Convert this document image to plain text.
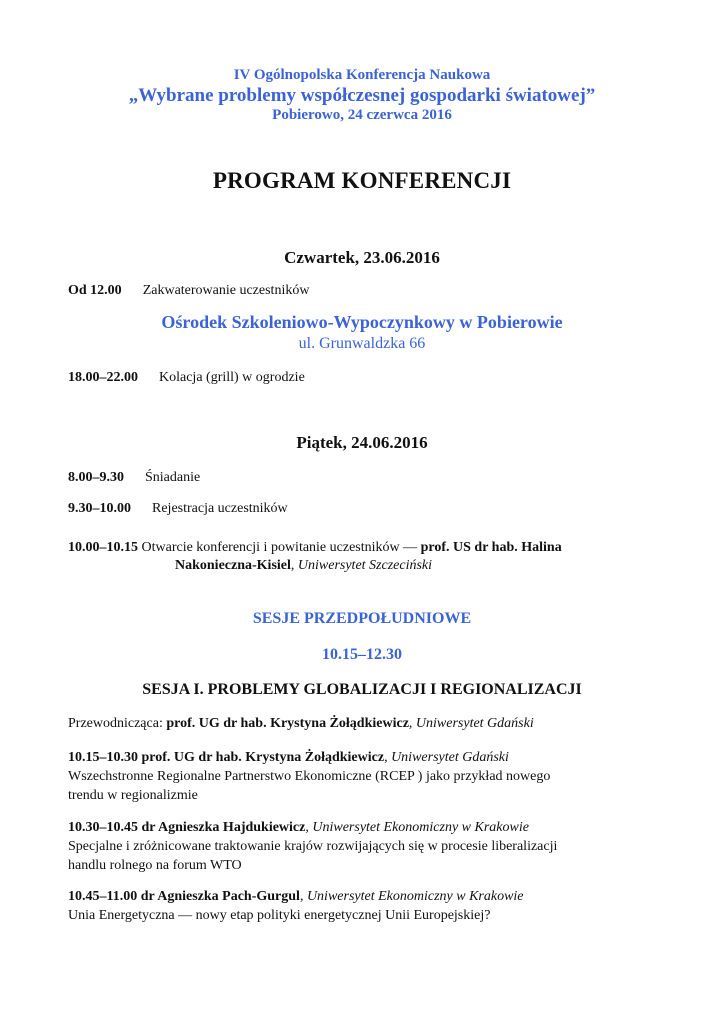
IV Ogólnopolska Konferencja Naukowa
„Wybrane problemy współczesnej gospodarki światowej”
Pobierowo, 24 czerwca 2016
PROGRAM KONFERENCJI
Czwartek, 23.06.2016
Od 12.00 Zakwaterowanie uczestników
Ośrodek Szkoleniowo-Wypoczynkowy w Pobierowie
ul. Grunwaldzka 66
18.00–22.00 Kolacja (grill) w ogrodzie
Piątek, 24.06.2016
8.00–9.30 Śniadanie
9.30–10.00 Rejestracja uczestników
10.00–10.15 Otwarcie konferencji i powitanie uczestników — prof. US dr hab. Halina
Nakonieczna-Kisiel, Uniwersytet Szczeciński
SESJE PRZEDPOŁUDNIOWE
10.15–12.30
SESJA I. PROBLEMY GLOBALIZACJI I REGIONALIZACJI
Przewodnicząca: prof. UG dr hab. Krystyna Żołądkiewicz, Uniwersytet Gdański
10.15–10.30 prof. UG dr hab. Krystyna Żołądkiewicz, Uniwersytet Gdański
Wszechstronne Regionalne Partnerstwo Ekonomiczne (RCEP ) jako przykład nowego
trendu w regionalizmie
10.30–10.45 dr Agnieszka Hajdukiewicz, Uniwersytet Ekonomiczny w Krakowie
Specjalne i zróżnicowane traktowanie krajów rozwijających się w procesie liberalizacji
handlu rolnego na forum WTO
10.45–11.00 dr Agnieszka Pach-Gurgul, Uniwersytet Ekonomiczny w Krakowie
Unia Energetyczna — nowy etap polityki energetycznej Unii Europejskiej?
